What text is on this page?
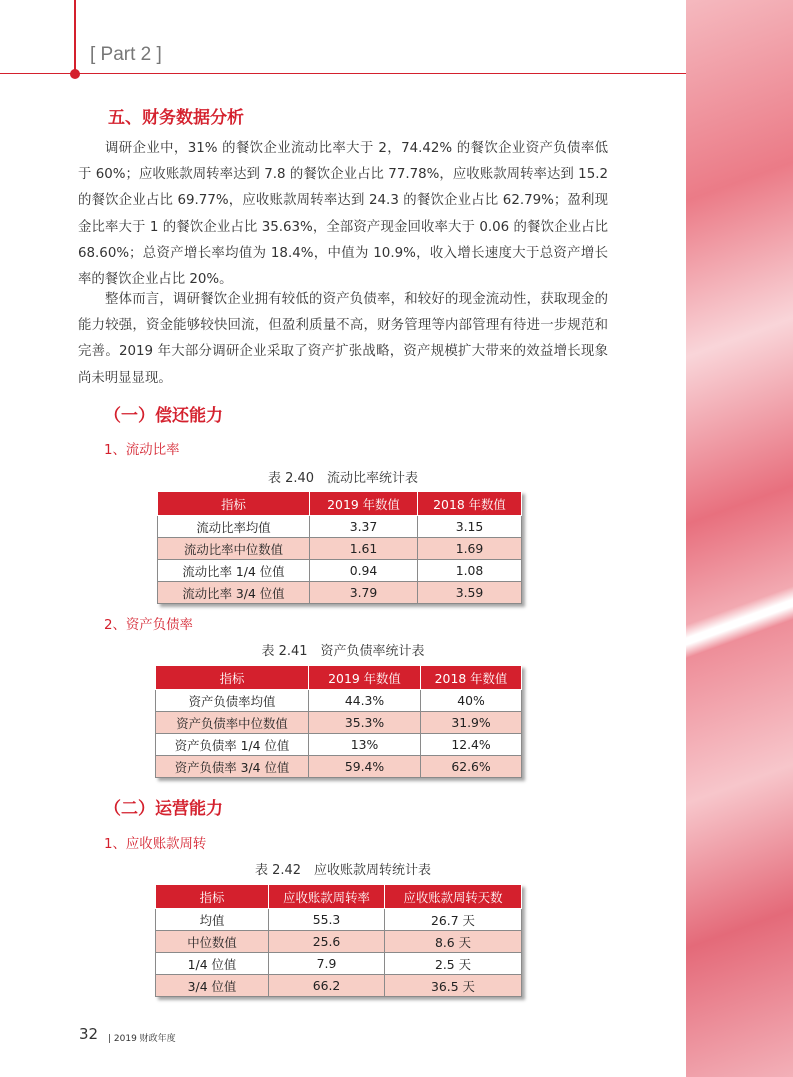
[ Part 2 ]
五、财务数据分析

调研企业中，31% 的餐饮企业流动比率大于 2，74.42% 的餐饮企业资产负债率低于 60%；应收账款周转率达到 7.8 的餐饮企业占比 77.78%，应收账款周转率达到 15.2 的餐饮企业占比 69.77%，应收账款周转率达到 24.3 的餐饮企业占比 62.79%；盈利现金比率大于 1 的餐饮企业占比 35.63%，全部资产现金回收率大于 0.06 的餐饮企业占比 68.60%；总资产增长率均值为 18.4%，中值为 10.9%，收入增长速度大于总资产增长率的餐饮企业占比 20%。

整体而言，调研餐饮企业拥有较低的资产负债率，和较好的现金流动性，获取现金的能力较强，资金能够较快回流，但盈利质量不高，财务管理等内部管理有待进一步规范和完善。2019 年大部分调研企业采取了资产扩张战略，资产规模扩大带来的效益增长现象尚未明显显现。

（一）偿还能力
1、流动比率
表 2.40　流动比率统计表
指标	2019 年数值	2018 年数值
流动比率均值	3.37	3.15
流动比率中位数值	1.61	1.69
流动比率 1/4 位值	0.94	1.08
流动比率 3/4 位值	3.79	3.59
2、资产负债率
表 2.41　资产负债率统计表
指标	2019 年数值	2018 年数值
资产负债率均值	44.3%	40%
资产负债率中位数值	35.3%	31.9%
资产负债率 1/4 位值	13%	12.4%
资产负债率 3/4 位值	59.4%	62.6%
（二）运营能力
1、应收账款周转
表 2.42　应收账款周转统计表
指标	应收账款周转率	应收账款周转天数
均值	55.3	26.7 天
中位数值	25.6	8.6 天
1/4 位值	7.9	2.5 天
3/4 位值	66.2	36.5 天
32 | 2019 财政年度
